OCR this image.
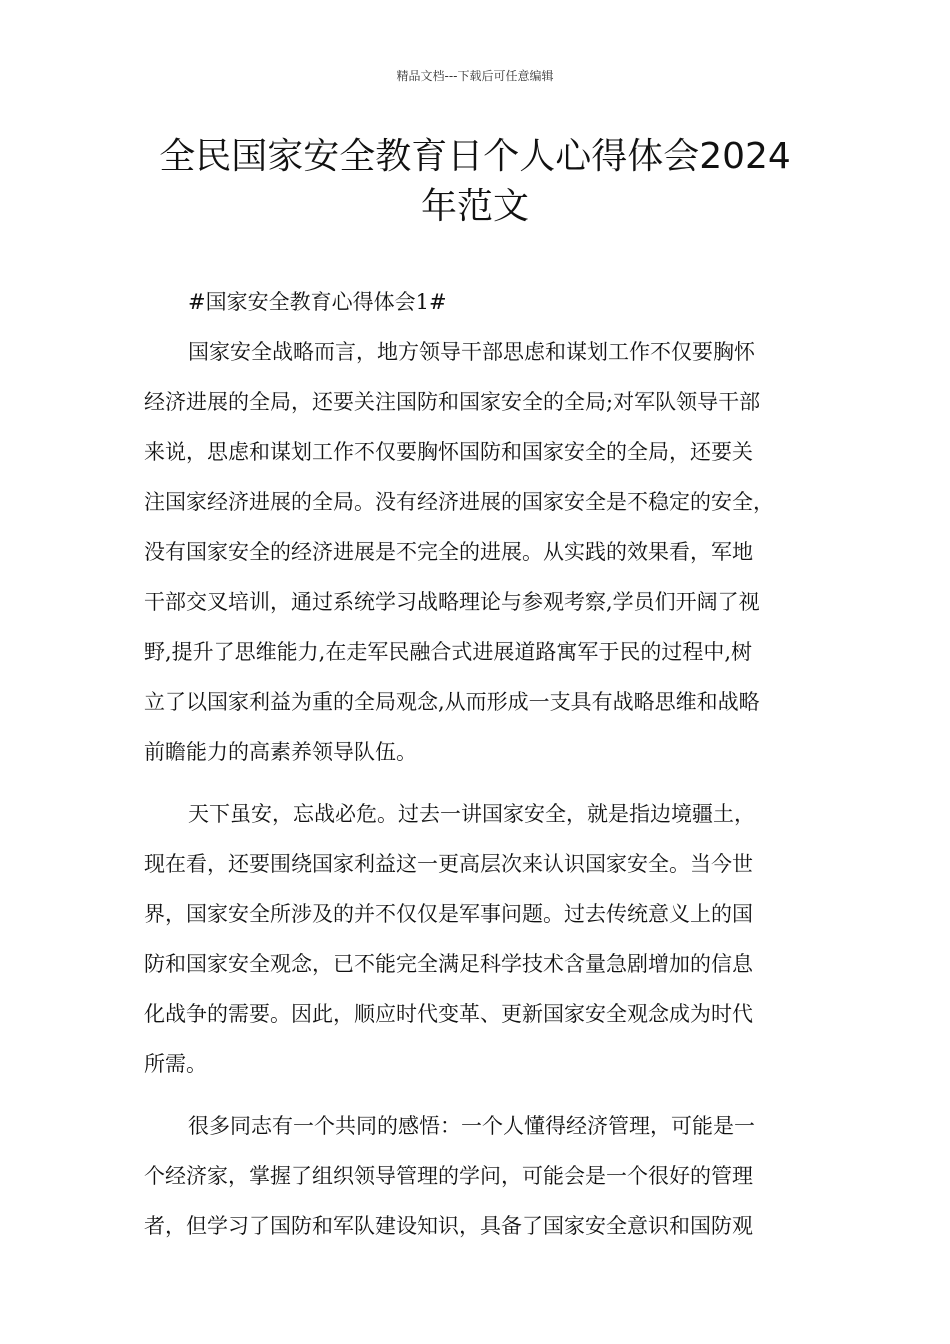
精品文档---下载后可任意编辑
全民国家安全教育日个人心得体会2024
年范文
#国家安全教育心得体会1#
国家安全战略而言，地方领导干部思虑和谋划工作不仅要胸怀
经济进展的全局，还要关注国防和国家安全的全局;对军队领导干部
来说，思虑和谋划工作不仅要胸怀国防和国家安全的全局，还要关
注国家经济进展的全局。没有经济进展的国家安全是不稳定的安全，
没有国家安全的经济进展是不完全的进展。从实践的效果看，军地
干部交叉培训，通过系统学习战略理论与参观考察,学员们开阔了视
野,提升了思维能力,在走军民融合式进展道路寓军于民的过程中,树
立了以国家利益为重的全局观念,从而形成一支具有战略思维和战略
前瞻能力的高素养领导队伍。
天下虽安，忘战必危。过去一讲国家安全，就是指边境疆土，
现在看，还要围绕国家利益这一更高层次来认识国家安全。当今世
界，国家安全所涉及的并不仅仅是军事问题。过去传统意义上的国
防和国家安全观念，已不能完全满足科学技术含量急剧增加的信息
化战争的需要。因此，顺应时代变革、更新国家安全观念成为时代
所需。
很多同志有一个共同的感悟：一个人懂得经济管理，可能是一
个经济家，掌握了组织领导管理的学问，可能会是一个很好的管理
者，但学习了国防和军队建设知识，具备了国家安全意识和国防观
